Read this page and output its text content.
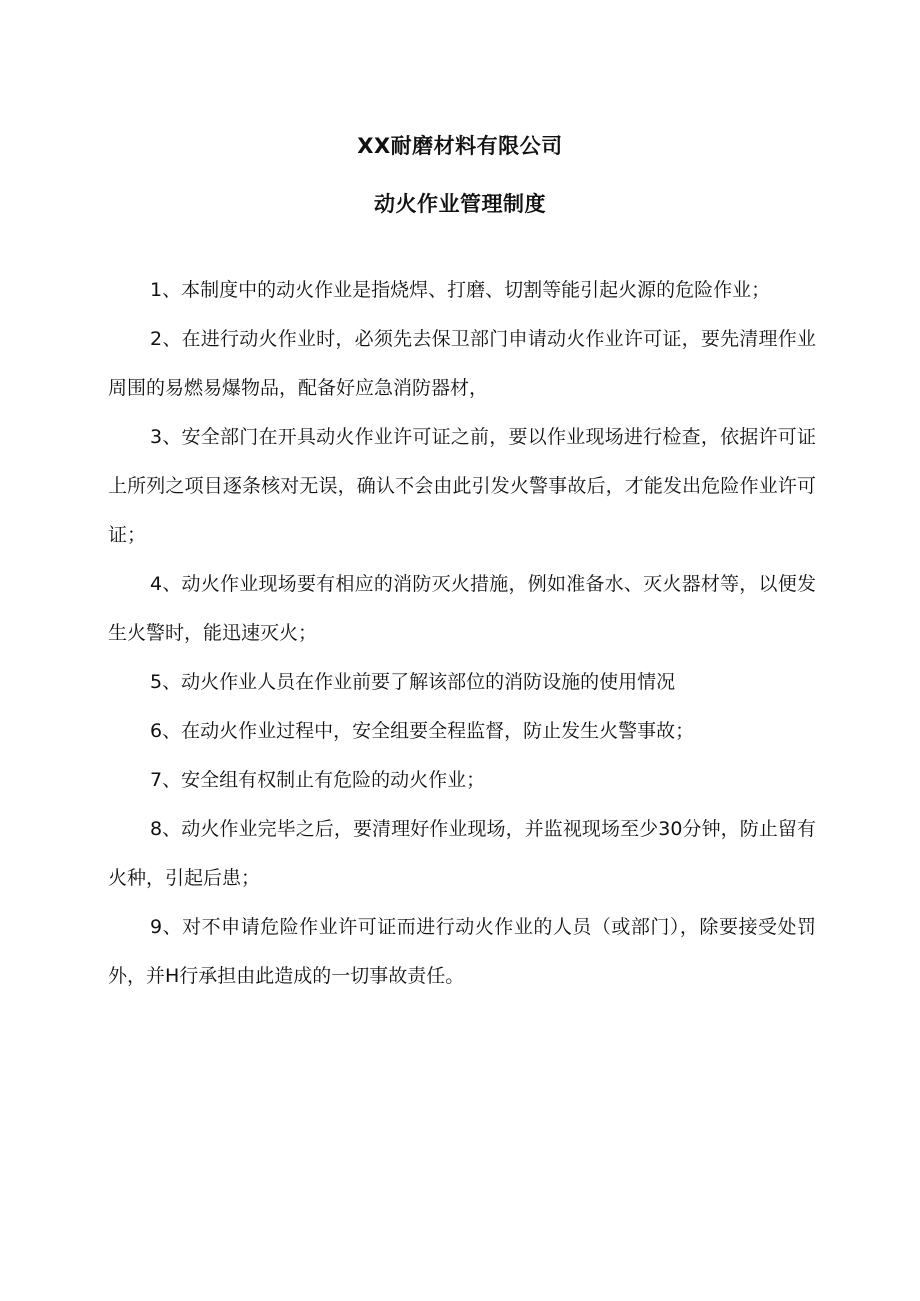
XX耐磨材料有限公司
动火作业管理制度

1、本制度中的动火作业是指烧焊、打磨、切割等能引起火源的危险作业；

2、在进行动火作业时，必须先去保卫部门申请动火作业许可证，要先清理作业周围的易燃易爆物品，配备好应急消防器材，

3、安全部门在开具动火作业许可证之前，要以作业现场进行检查，依据许可证上所列之项目逐条核对无误，确认不会由此引发火警事故后，才能发出危险作业许可证；

4、动火作业现场要有相应的消防灭火措施，例如准备水、灭火器材等，以便发生火警时，能迅速灭火；

5、动火作业人员在作业前要了解该部位的消防设施的使用情况

6、在动火作业过程中，安全组要全程监督，防止发生火警事故；

7、安全组有权制止有危险的动火作业；

8、动火作业完毕之后，要清理好作业现场，并监视现场至少30分钟，防止留有火种，引起后患；

9、对不申请危险作业许可证而进行动火作业的人员（或部门），除要接受处罚外，并H行承担由此造成的一切事故责任。
